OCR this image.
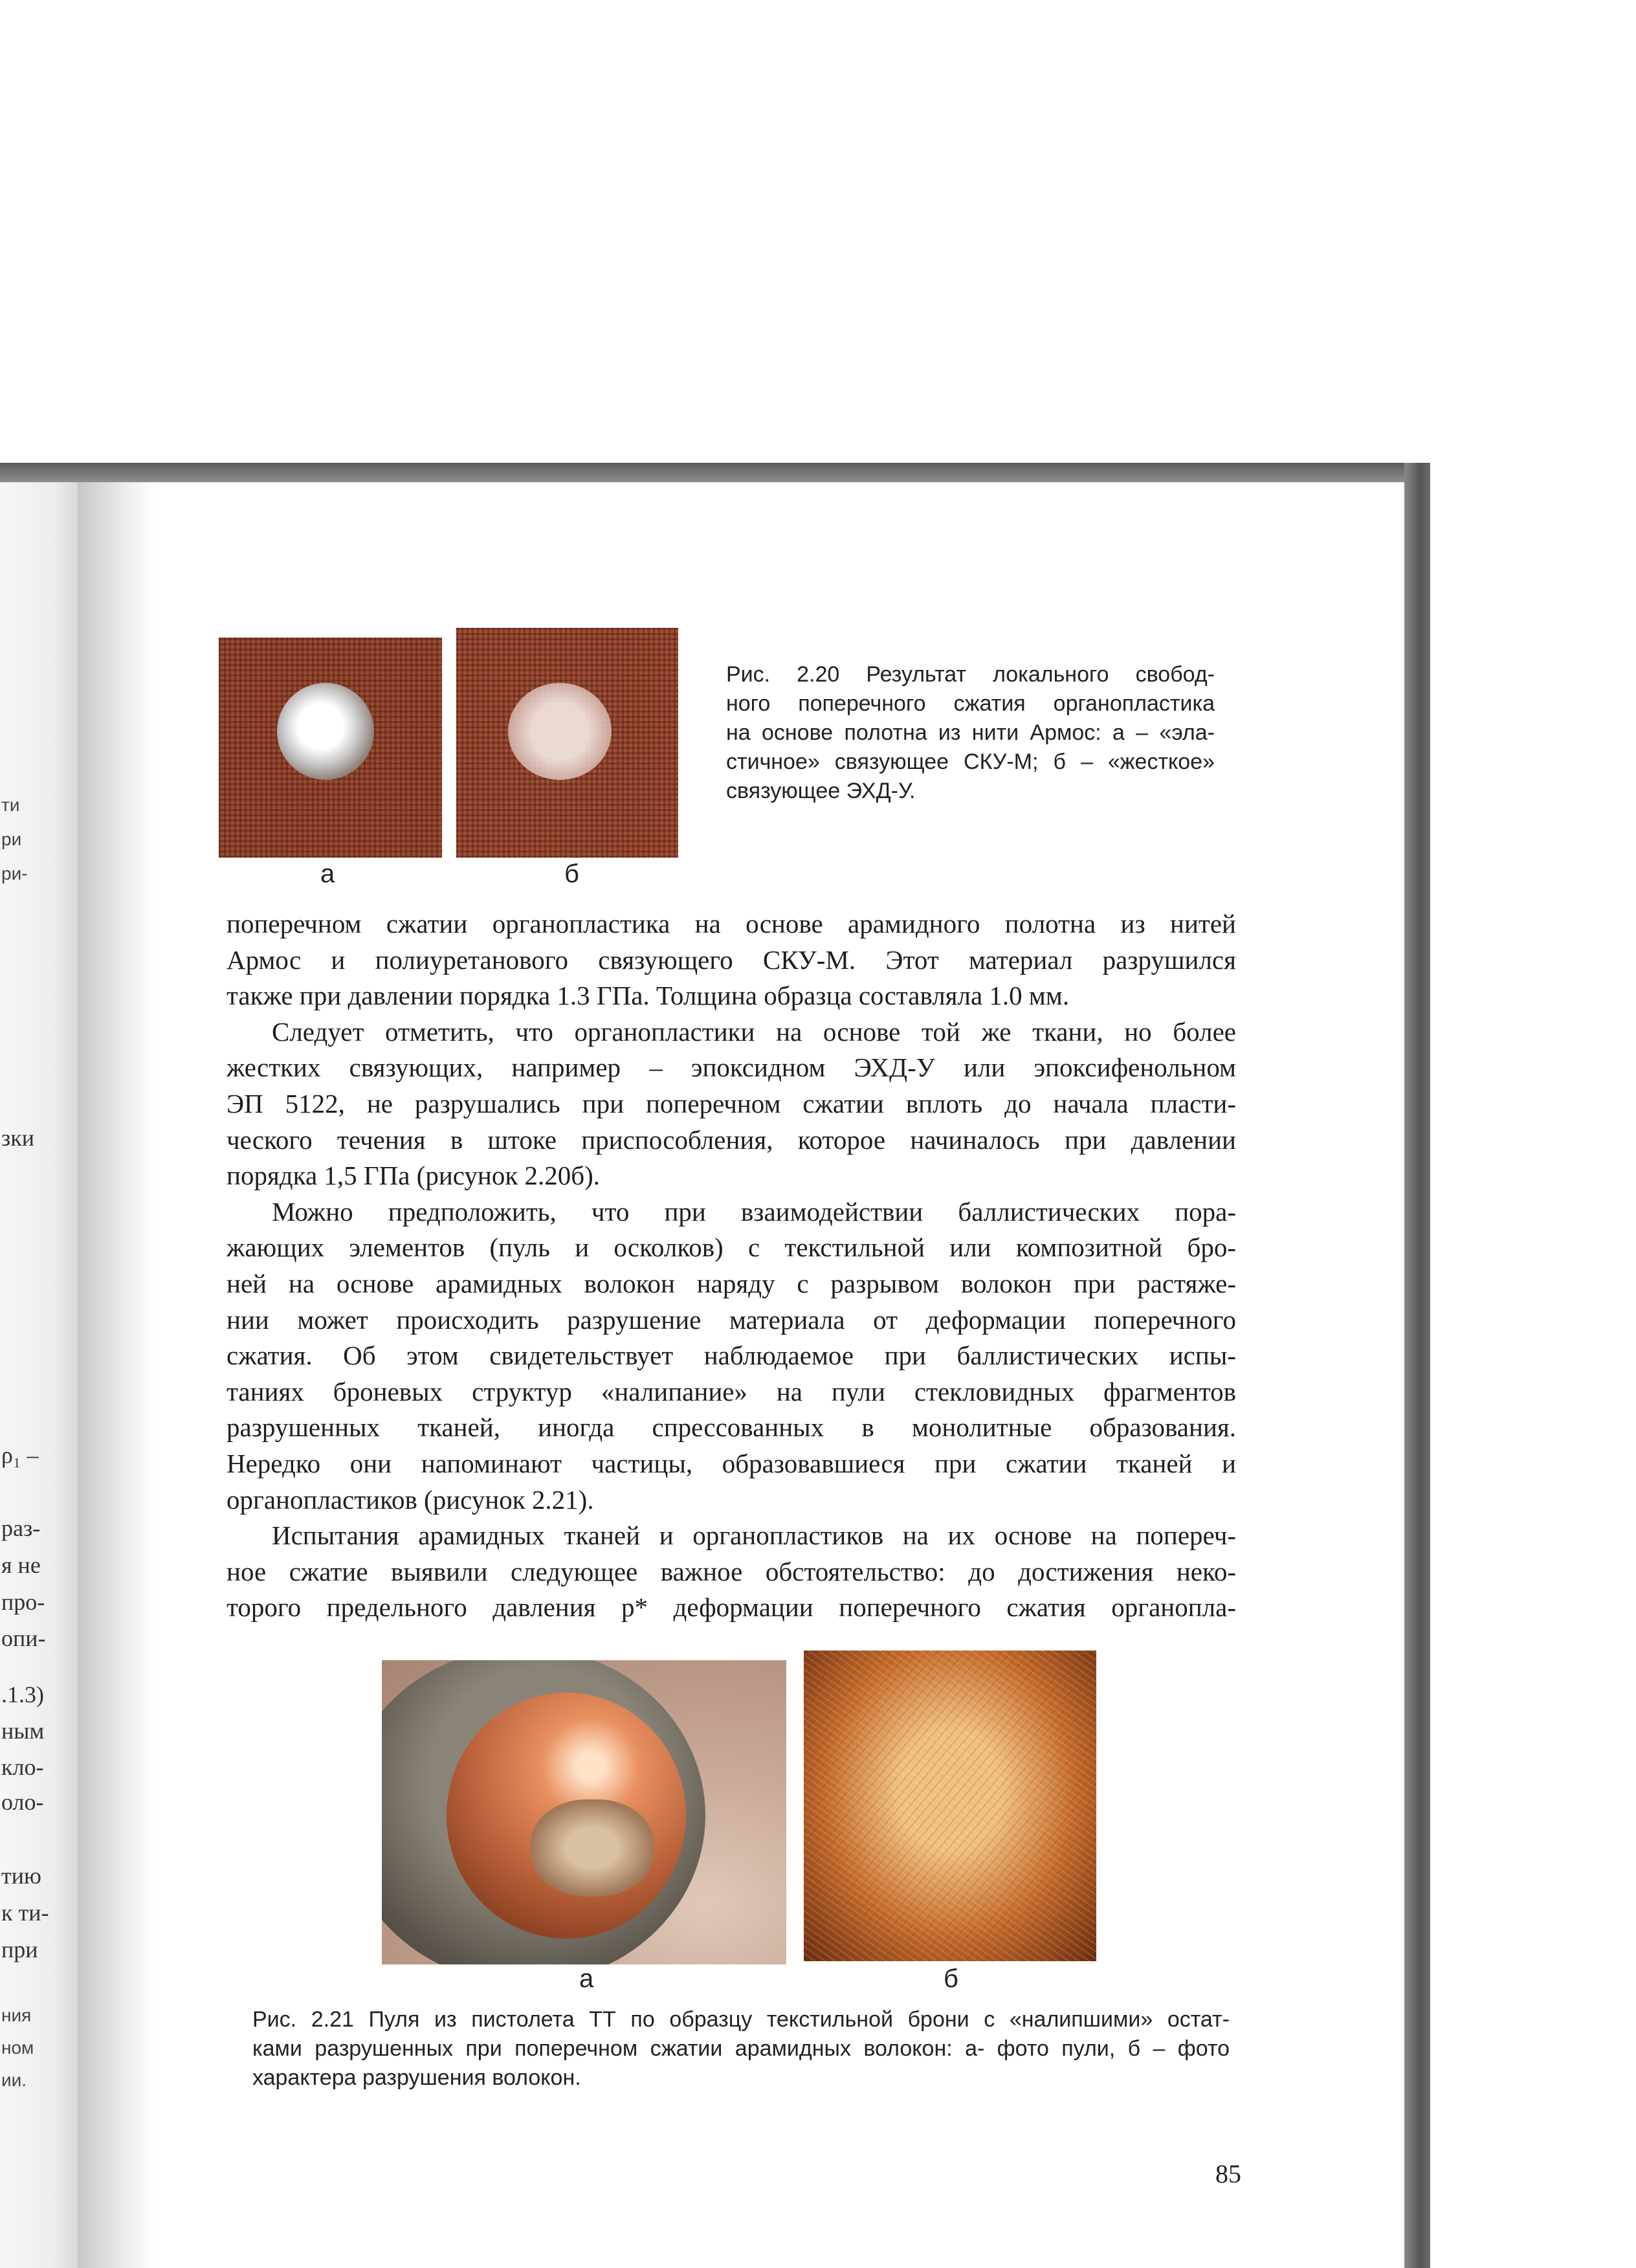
ти
ри
ри-
зки
ρ₁ –
раз-
я не
про-
опи-
.1.3)
ным
кло-
оло-
тию
к ти-
при
ния
ном
ии.
а	б
Рис. 2.20 Результат локального свобод-
ного поперечного сжатия органопластика
на основе полотна из нити Армос: а – «эла-
стичное» связующее СКУ-М; б – «жесткое»
связующее ЭХД-У.

поперечном сжатии органопластика на основе арамидного полотна из нитей
Армос и полиуретанового связующего СКУ-М. Этот материал разрушился
также при давлении порядка 1.3 ГПа. Толщина образца составляла 1.0 мм.

Следует отметить, что органопластики на основе той же ткани, но более
жестких связующих, например – эпоксидном ЭХД-У или эпоксифенольном
ЭП 5122, не разрушались при поперечном сжатии вплоть до начала пласти-
ческого течения в штоке приспособления, которое начиналось при давлении
порядка 1,5 ГПа (рисунок 2.20б).

Можно предположить, что при взаимодействии баллистических пора-
жающих элементов (пуль и осколков) с текстильной или композитной бро-
ней на основе арамидных волокон наряду с разрывом волокон при растяже-
нии может происходить разрушение материала от деформации поперечного
сжатия. Об этом свидетельствует наблюдаемое при баллистических испы-
таниях броневых структур «налипание» на пули стекловидных фрагментов
разрушенных тканей, иногда спрессованных в монолитные образования.
Нередко они напоминают частицы, образовавшиеся при сжатии тканей и
органопластиков (рисунок 2.21).

Испытания арамидных тканей и органопластиков на их основе на попереч-
ное сжатие выявили следующее важное обстоятельство: до достижения неко-
торого предельного давления p* деформации поперечного сжатия органопла-

а	б
Рис. 2.21 Пуля из пистолета ТТ по образцу текстильной брони с «налипшими» остат-
ками разрушенных при поперечном сжатии арамидных волокон: а- фото пули, б – фото
характера разрушения волокон.
85
